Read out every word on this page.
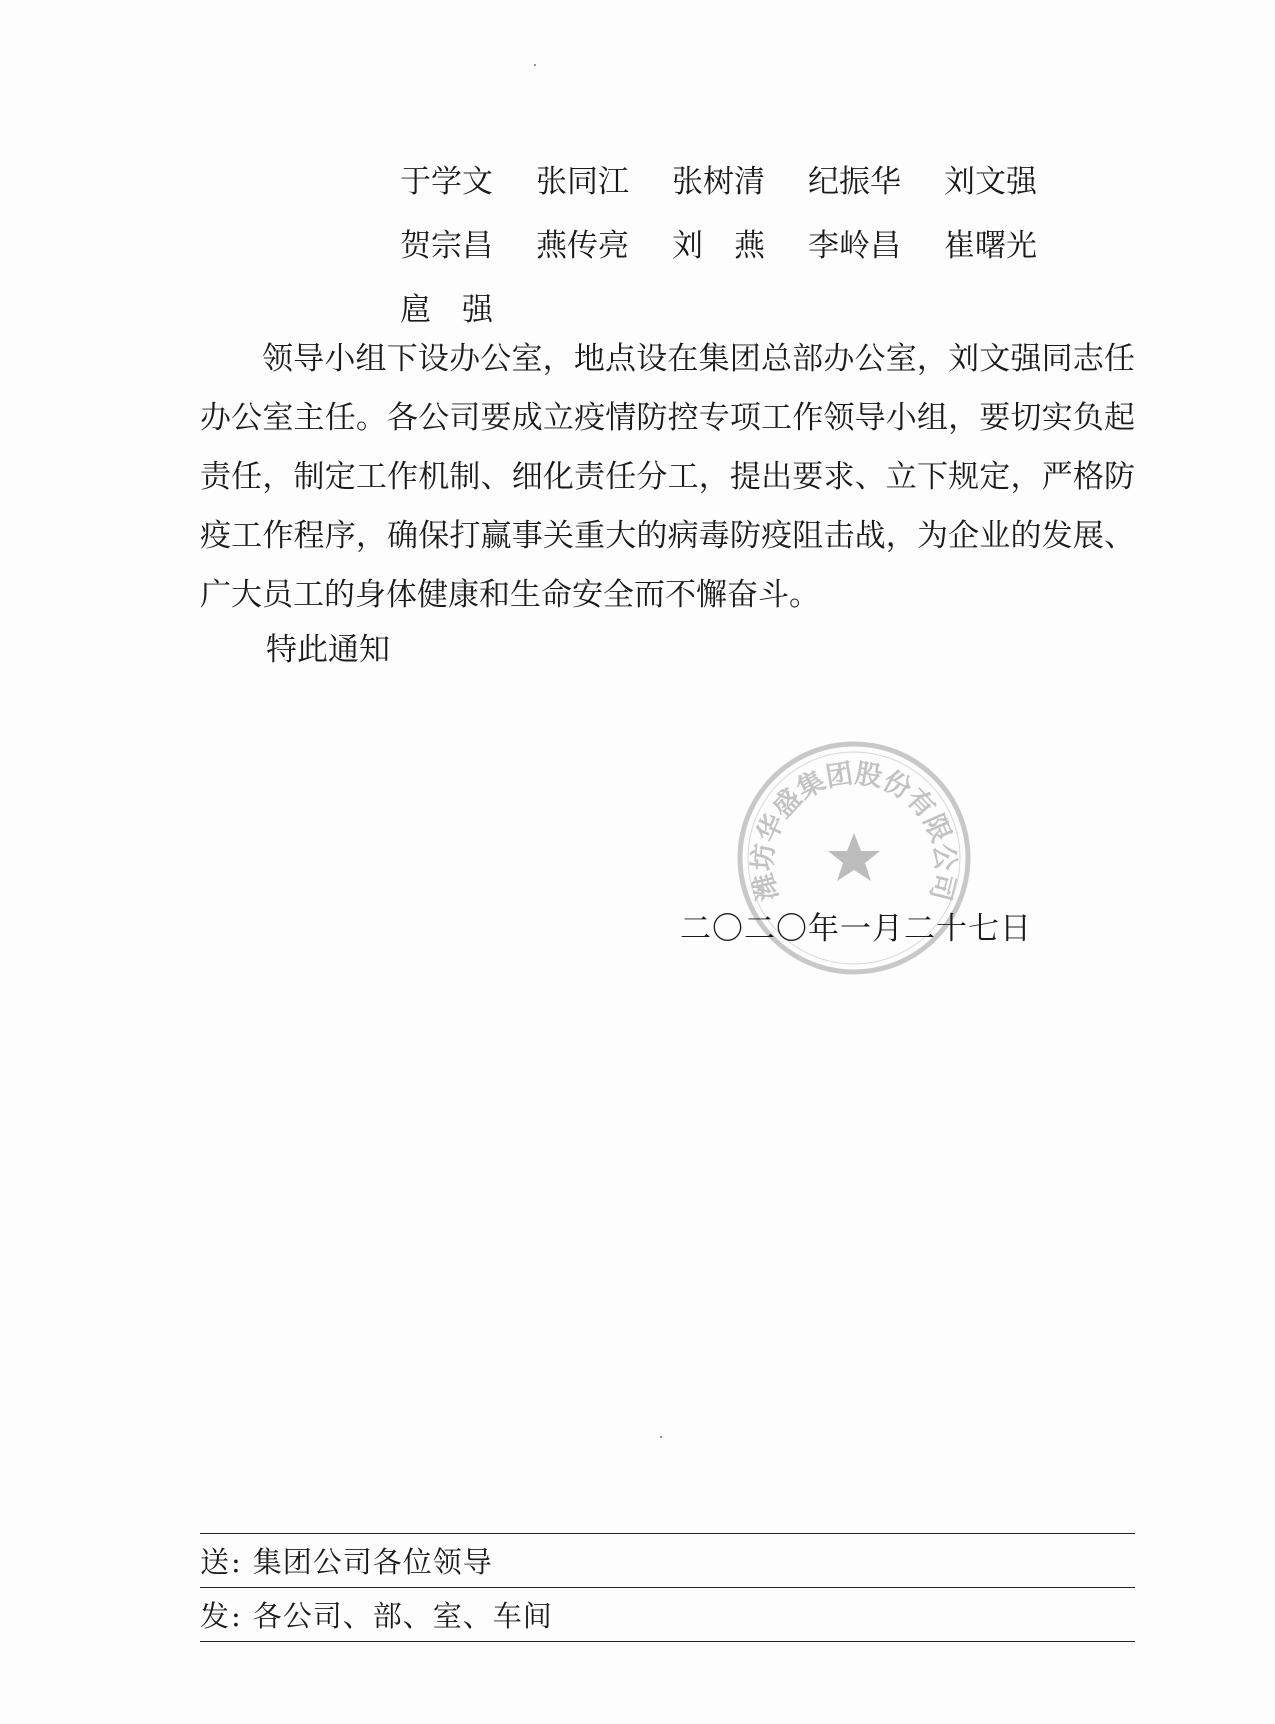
于学文	张同江	张树清	纪振华	刘文强
贺宗昌	燕传亮	刘　燕	李岭昌	崔曙光
扈　强

领导小组下设办公室，地点设在集团总部办公室，刘文强同志任办公室主任。各公司要成立疫情防控专项工作领导小组，要切实负起责任，制定工作机制、细化责任分工，提出要求、立下规定，严格防疫工作程序，确保打赢事关重大的病毒防疫阻击战，为企业的发展、广大员工的身体健康和生命安全而不懈奋斗。

特此通知
潍坊华盛集团股份有限公司
二〇二〇年一月二十七日
送: 集团公司各位领导
发: 各公司、部、室、车间
